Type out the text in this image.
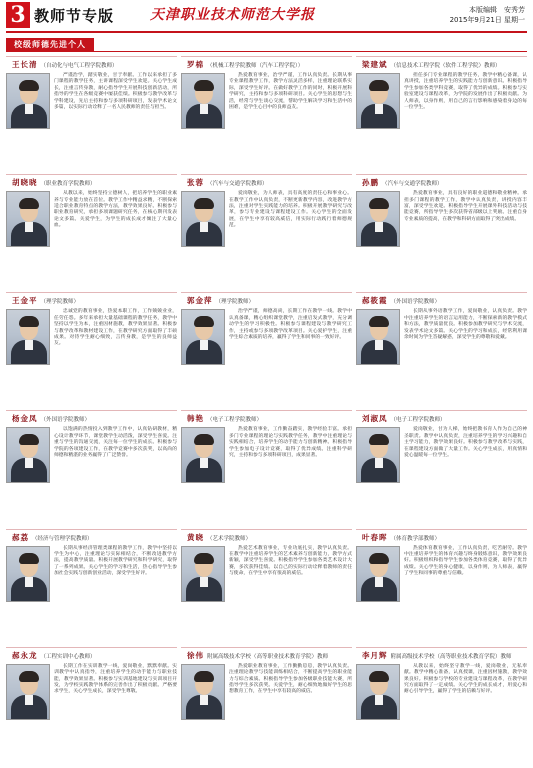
3 教师节专版	天津职业技术师范大学报	本版编辑　安秀芳
2015年9月21日 星期一
校级师德先进个人
王长清 （自动化与电气工程学院教师）

严谨治学，踏实敬业，甘于奉献。工作以来承担了多门课程的教学任务，主讲课程深受学生欢迎。关心学生成长，注重言传身教，耐心指导学生开展科技创新活动，所指导的学生在各级竞赛中屡获佳绩。积极参与教学改革与学科建设，先后主持和参与多项科研项目，发表学术论文多篇，以实际行动诠释了一名人民教师的责任与担当。

罗棉 （机械工程学院教师（汽车工程学院））

热爱教育事业，治学严谨，工作认真负责。长期从事专业课程教学工作，教学方法灵活多样，注重理论联系实际，深受学生好评。在做好教学工作的同时，积极开展科学研究，主持和参与多项科研项目。关心学生的思想与生活，经常与学生谈心交流，帮助学生解决学习和生活中的困难，是学生心目中的良师益友。

梁建斌 （信息技术工程学院（软件工程学院）教师）

担任多门专业课程的教学任务，教学中精心备课，认真讲授，注重培养学生的实践能力与创新意识。积极指导学生参加各类学科竞赛，取得了优异的成绩。积极参与实验室建设与课程改革，为学院的发展作出了积极贡献。为人师表，以身作则，用自己的言行影响和感染着身边的每一位学生。

胡晓晓 （职业教育学院教师）

从教以来，始终坚持立德树人，把培养学生的职业素养与专业能力放在首位。教学工作中精益求精，不断探索适合职业教育特点的教学方法，教学效果良好。积极参与职业教育研究，承担多项课题研究任务，在核心期刊发表论文多篇。关爱学生，为学生的成长成才倾注了大量心血。

张蓉 （汽车与交通学院教师）

爱岗敬业，为人师表，具有高度的责任心和事业心。在教学工作中认真负责，不断更新教学内容，改进教学方法，注重对学生实践能力的培养。积极开展教学研究与改革，参与专业建设与课程建设工作。关心学生的全面发展，在学生中享有较高威信，用实际行动践行着师德规范。

孙鹏 （汽车与交通学院教师）

热爱教育事业，具有良好的职业道德和敬业精神。承担多门课程的教学工作，教学中认真负责，讲授内容丰富，深受学生欢迎。积极指导学生开展课外科技活动与技能竞赛，所指导学生多次获得省部级以上奖励。注重自身专业素质的提高，在教学和科研方面取得了突出成绩。

王金平 （理学院教师）

忠诚党的教育事业，热爱本职工作，工作兢兢业业，任劳任怨。多年来承担大量基础课程的教学任务，教学中坚持以学生为本，注重因材施教，教学效果显著。积极参与教学改革和教材建设工作，在教学研究方面取得了丰硕成果。对待学生耐心细致，言传身教，是学生的良师益友。

郭金萍 （理学院教师）

治学严谨，师德高尚，长期工作在教学一线。教学中认真备课，精心组织课堂教学，注重启发式教学，充分调动学生的学习积极性。积极参与课程建设与教学研究工作，主持或参与多项教学改革项目。关心爱护学生，注重学生综合素质的培养，赢得了学生和同事的一致好评。

郝筱霞 （外国语学院教师）

长期从事外语教学工作，爱岗敬业，认真负责。教学中注重培养学生的语言运用能力，不断探索新的教学模式和方法，教学质量优良。积极参加教学研究与学术交流，发表学术论文多篇。关心学生的学习和成长，经常利用课余时间为学生答疑解惑，深受学生的尊敬和爱戴。

杨金凤 （外国语学院教师）

以饱满的热情投入到教学工作中，认真钻研教材，精心设计教学环节，课堂教学生动活泼，深受学生喜爱。注重与学生的沟通交流，关注每一位学生的成长。积极参与学院的各项建设工作，在教学竞赛中多次获奖，以高尚的师德和精湛的业务赢得了广泛赞誉。

韩艳 （电子工程学院教师）

热爱教育事业，工作勤奋踏实，教学经验丰富。承担多门专业课程的理论与实践教学任务，教学中注重理论与实践相结合，培养学生的动手能力与创新精神。积极指导学生参加电子设计竞赛，取得了优异成绩。注重科学研究，主持和参与多项科研项目，成果显著。

刘淑凤 （电子工程学院教师）

爱岗敬业，甘为人梯，始终把教书育人作为自己的神圣职责。教学中认真负责，注重培养学生的学习兴趣和自主学习能力，教学效果良好。积极参与教学改革与实践，在课程建设方面做了大量工作。关心学生成长，用真情和爱心温暖每一位学生。

郝荔 （经济与管理学院教师）

长期从事经济管理类课程的教学工作，教学中坚持以学生为中心，注重理论与实际相结合，不断改进教学方法，提高教学质量。积极开展教学研究和科学研究，取得了一系列成果。关心学生的学习和生活，热心指导学生参加社会实践与创新创业活动，深受学生好评。

黄晓 （艺术学院教师）

热爱艺术教育事业，专业功底扎实，教学认真负责。在教学中注重培养学生的艺术素养与创新能力，教学方式新颖，深受学生喜爱。积极指导学生参加各类艺术设计大赛，多次获得佳绩。以自己的实际行动诠释着教师的责任与使命，在学生中享有很高的威信。

叶春晖 （体育教学部教师）

热爱体育教育事业，工作认真负责，吃苦耐劳。教学中注重培养学生的体育兴趣与终身锻炼意识，教学效果良好。积极组织和指导学生参加各类体育竞赛，取得了优异成绩。关心学生的身心健康，以身作则，为人师表，赢得了学生和同事的尊重与信赖。

郝永龙 （工程实训中心教师）

长期工作在实训教学一线，爱岗敬业，默默奉献。实训教学中认真指导，注重培养学生的动手能力与职业技能，教学效果显著。积极参与实训基地建设与实训项目开发，为学校实践教学体系的完善作出了积极贡献。严格要求学生，关心学生成长，深受学生尊敬。

徐伟 附属高级技术学校（高等职业技术教育学院）教师

热爱职业教育事业，工作勤勤恳恳，教学认真负责。注重理论教学与技能训练相结合，不断提高学生的职业能力与综合素质。积极指导学生参加各级职业技能大赛，所指导学生多次获奖。关爱学生，耐心细致地做好学生的思想教育工作，在学生中享有较高的威信。

李月辉 附属高级技术学校（高等职业技术教育学院）教师

从教以来，始终坚守教学一线，爱岗敬业，无私奉献。教学中精心准备，认真授课，注重因材施教，教学效果良好。积极参与学校的专业建设与课程改革，在教学研究方面取得了一定成绩。关心学生的成长成才，用爱心和耐心引导学生，赢得了学生的信赖与好评。
